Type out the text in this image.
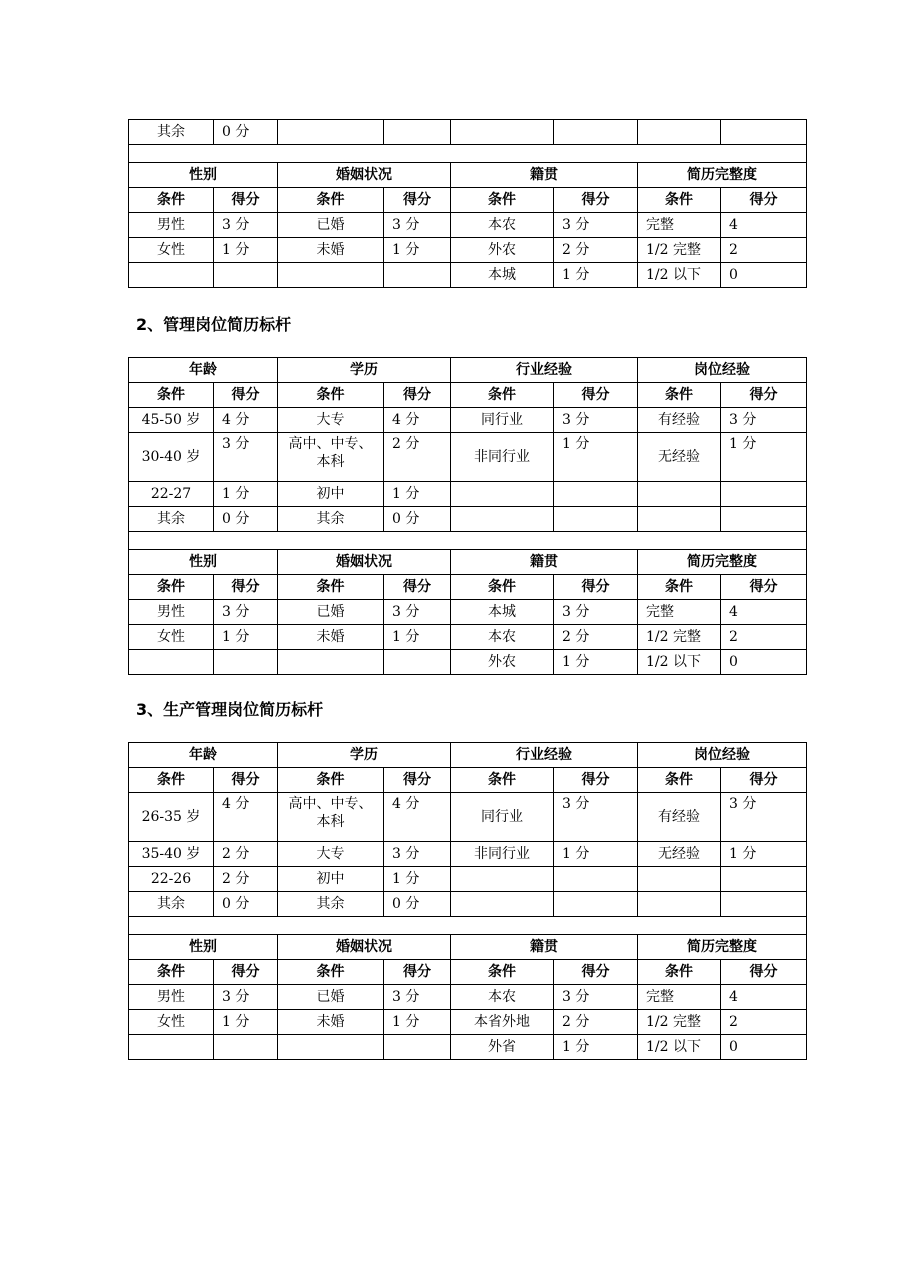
其余	0 分						

性别		婚姻状况		籍贯		简历完整度	
条件	得分	条件	得分	条件	得分	条件	得分
男性	3 分	已婚	3 分	本农	3 分	完整	4
女性	1 分	未婚	1 分	外农	2 分	1/2 完整	2
				本城	1 分	1/2 以下	0
2、管理岗位简历标杆
年龄		学历		行业经验		岗位经验	
条件	得分	条件	得分	条件	得分	条件	得分
45-50 岁	4 分	大专	4 分	同行业	3 分	有经验	3 分
30-40 岁	3 分	高中、中专、本科	2 分	非同行业	1 分	无经验	1 分
22-27	1 分	初中	1 分				
其余	0 分	其余	0 分				

性别		婚姻状况		籍贯		简历完整度	
条件	得分	条件	得分	条件	得分	条件	得分
男性	3 分	已婚	3 分	本城	3 分	完整	4
女性	1 分	未婚	1 分	本农	2 分	1/2 完整	2
				外农	1 分	1/2 以下	0
3、生产管理岗位简历标杆
年龄		学历		行业经验		岗位经验	
条件	得分	条件	得分	条件	得分	条件	得分
26-35 岁	4 分	高中、中专、本科	4 分	同行业	3 分	有经验	3 分
35-40 岁	2 分	大专	3 分	非同行业	1 分	无经验	1 分
22-26	2 分	初中	1 分				
其余	0 分	其余	0 分				

性别		婚姻状况		籍贯		简历完整度	
条件	得分	条件	得分	条件	得分	条件	得分
男性	3 分	已婚	3 分	本农	3 分	完整	4
女性	1 分	未婚	1 分	本省外地	2 分	1/2 完整	2
				外省	1 分	1/2 以下	0
